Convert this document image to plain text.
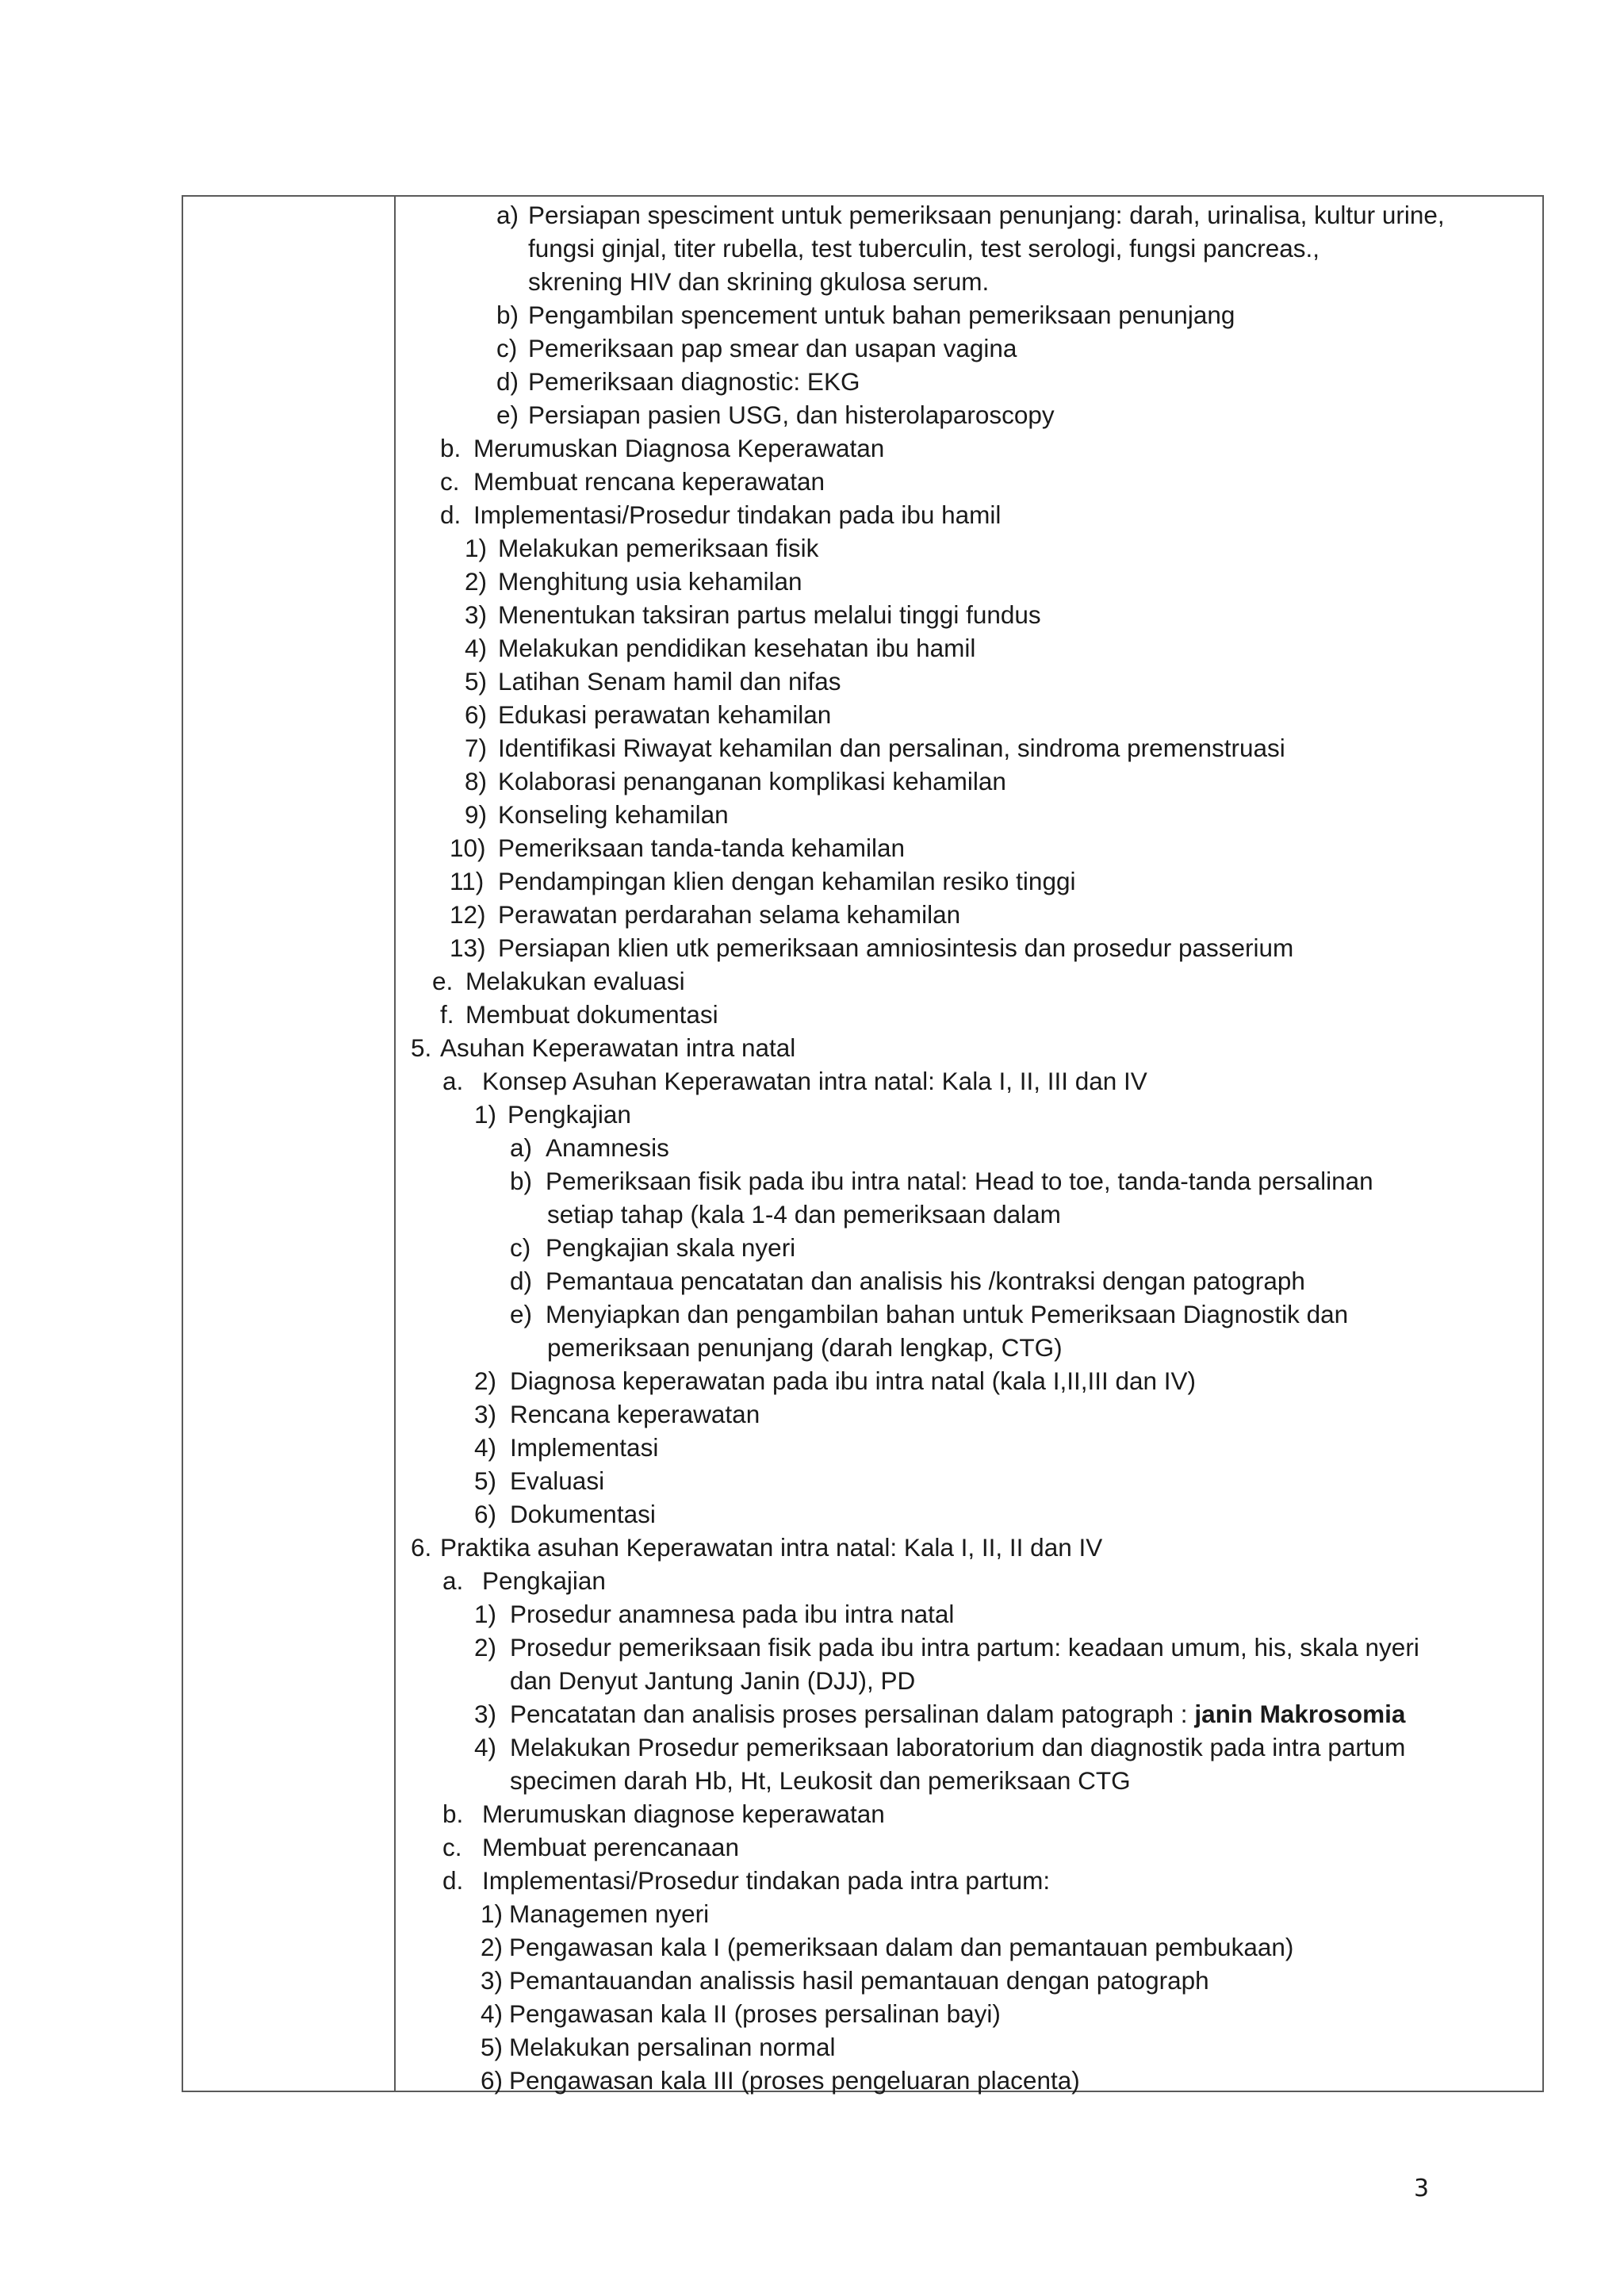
a) Persiapan spesciment untuk pemeriksaan penunjang: darah, urinalisa, kultur urine,
fungsi ginjal, titer rubella, test tuberculin, test serologi, fungsi pancreas.,
skrening HIV dan skrining gkulosa serum.
b) Pengambilan spencement untuk bahan pemeriksaan penunjang
c) Pemeriksaan pap smear dan usapan vagina
d) Pemeriksaan diagnostic: EKG
e) Persiapan pasien USG, dan histerolaparoscopy
b. Merumuskan Diagnosa Keperawatan
c. Membuat rencana keperawatan
d. Implementasi/Prosedur tindakan pada ibu hamil
1) Melakukan pemeriksaan fisik
2) Menghitung usia kehamilan
3) Menentukan taksiran partus melalui tinggi fundus
4) Melakukan pendidikan kesehatan ibu hamil
5) Latihan Senam hamil dan nifas
6) Edukasi perawatan kehamilan
7) Identifikasi Riwayat kehamilan dan persalinan, sindroma premenstruasi
8) Kolaborasi penanganan komplikasi kehamilan
9) Konseling kehamilan
10) Pemeriksaan tanda-tanda kehamilan
11) Pendampingan klien dengan kehamilan resiko tinggi
12) Perawatan perdarahan selama kehamilan
13) Persiapan klien utk pemeriksaan amniosintesis dan prosedur passerium
e. Melakukan evaluasi
f. Membuat dokumentasi
5. Asuhan Keperawatan intra natal
a. Konsep Asuhan Keperawatan intra natal: Kala I, II, III dan IV
1) Pengkajian
a) Anamnesis
b) Pemeriksaan fisik pada ibu intra natal: Head to toe, tanda-tanda persalinan
setiap tahap (kala 1-4 dan pemeriksaan dalam
c) Pengkajian skala nyeri
d) Pemantaua pencatatan dan analisis his /kontraksi dengan patograph
e) Menyiapkan dan pengambilan bahan untuk Pemeriksaan Diagnostik dan
pemeriksaan penunjang (darah lengkap, CTG)
2) Diagnosa keperawatan pada ibu intra natal (kala I,II,III dan IV)
3) Rencana keperawatan
4) Implementasi
5) Evaluasi
6) Dokumentasi
6. Praktika asuhan Keperawatan intra natal: Kala I, II, II dan IV
a. Pengkajian
1) Prosedur anamnesa pada ibu intra natal
2) Prosedur pemeriksaan fisik pada ibu intra partum: keadaan umum, his, skala nyeri
dan Denyut Jantung Janin (DJJ), PD
3) Pencatatan dan analisis proses persalinan dalam patograph : janin Makrosomia
4) Melakukan Prosedur pemeriksaan laboratorium dan diagnostik pada intra partum
specimen darah Hb, Ht, Leukosit dan pemeriksaan CTG
b. Merumuskan diagnose keperawatan
c. Membuat perencanaan
d. Implementasi/Prosedur tindakan pada intra partum:
1) Managemen nyeri
2) Pengawasan kala I (pemeriksaan dalam dan pemantauan pembukaan)
3) Pemantauandan analissis hasil pemantauan dengan patograph
4) Pengawasan kala II (proses persalinan bayi)
5) Melakukan persalinan normal
6) Pengawasan kala III (proses pengeluaran placenta)
3
